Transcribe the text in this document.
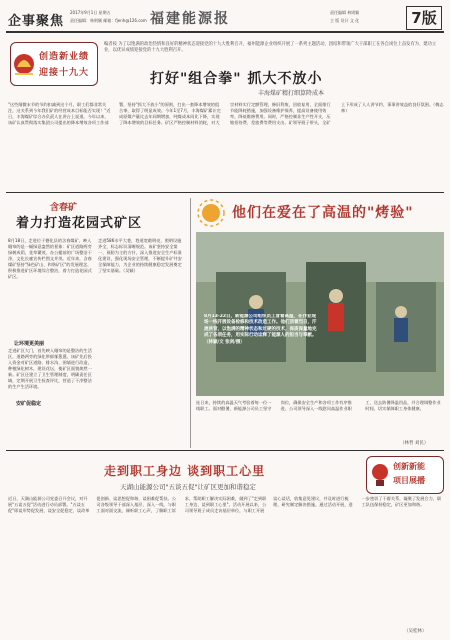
企事聚焦
2017年9月1日 星期五
责任编辑：林则颖 邮箱：fjenh@126.com 福建能源报	责任编辑 林则颖
主 版 设计 文 化	7版
创造新业绩
迎接十九大
编者按 为了以饱满的政治热情和良好的精神状态迎接党的十九大胜利召开，福州能源企业组织开展了一系列主题活动，团结和带领广大干部职工在各自岗位上奋发有为、建功立业，以优异成绩迎接党的十九大胜利召开。
打好"组合拳" 抓大不放小
丰海煤矿精打细算降成本
"这些细微末节的节约扣减到这个月，职工们都非常关注，这关系到今年我们矿的经营成本目标能否实现！"近日，丰海煤矿综合办负责人在讲台上说道。今年以来，该矿认真贯彻落实集团公司提出的降本增效各项工作部署，坚持"抓大不放小"的原则，打出一套降本增效的组合拳，取得了明显成效。今年1至7月，丰海煤矿累计完成原煤产量比去年同期增加，吨煤成本同比下降，实现了降本增效的目标任务。矿区严格控制材料消耗，对大宗材料实行定额管理，修旧利废，回收复用，全面推行节能降耗措施，加强设备维护保养，提高设备使用效率，降低维修费用。同时，严格控制非生产性开支，压缩招待费、差旅费等费用支出。矿领导班子带头，全矿上下形成了人人讲节约、事事讲效益的良好氛围。（梅志林）
含春矿
着力打造花园式矿区
8月18日，走进位于德化县的含春煤矿，映入眼帘的是一幅绿意盎然的景象：矿区道路两旁绿树成荫，花草繁茂，办公楼前的广场整洁干净，文化长廊宣传栏图文并茂。近年来，含春煤矿坚持"绿色矿山、和谐矿区"的发展理念，积极推进矿区环境综合整治，着力打造花园式矿区。
让环境更美丽
走进矿区大门，首先映入眼帘的是整洁的生活区，道路两旁的绿化带郁郁葱葱。该矿先后投入资金对矿区道路、排水沟、围墙进行改造，种植绿化树木，建设花坛，使矿区面貌焕然一新。矿区还建立了卫生管理制度，明确责任区域，定期开展卫生检查评比，营造了干净整洁的生产生活环境。
安矿促稳定
走进586水平大巷，巷道宽敞明亮，照明设施齐全，标志标识清晰规范。该矿坚持安全第一、预防为主的方针，深入推进安全生产标准化建设，强化现场安全管理，不断提升矿井安全保障能力，为企业的持续健康稳定发展奠定了坚实基础。（吴颖）
他们在爱在了高温的"烤验"
8月13-22日，新能源公司组织员工冒着高温，在作业现场一线开展设备检修和技术改造工作。他们顶着烈日，汗流浃背，以饱满的精神状态和过硬的技术，保质保量地完成了各项任务，用实际行动诠释了能源人的担当与奉献。（林颖/文 张剑/摄）
连日来，持续的高温天气考验着每一位一线职工。面对酷暑，新能源公司员工坚守岗位，确保安全生产和各项工作有序推进。公司领导深入一线慰问高温作业职工，送去防暑降温用品，并合理调整作业时间，切实保障职工身体健康。
（林哲 刘民）
走到职工身边 谈到职工心里
天湖山能源公司"五谈五促"让矿区更加和谐稳定
近日，天湖山能源公司党委召开会议，对开展"五谈五促"活动进行动员部署。"五谈五促"即谈形势促发展、谈安全促稳定、谈改革促创新、谈思想促和谐、谈困难促帮扶。公司各级领导干部深入基层、深入一线，与职工面对面交流，倾听职工心声，了解职工诉求，帮助职工解决实际困难，做到了"走到职工身边、谈到职工心里"。活动开展以来，公司领导班子成员走访基层单位，与职工开展谈心谈话，收集意见建议，并及时进行梳理，研究制定解决措施。通过活动开展，进一步密切了干群关系，凝聚了发展合力，职工队伍保持稳定，矿区更加和谐。
（吴桂林）
创新新能
项目展播
